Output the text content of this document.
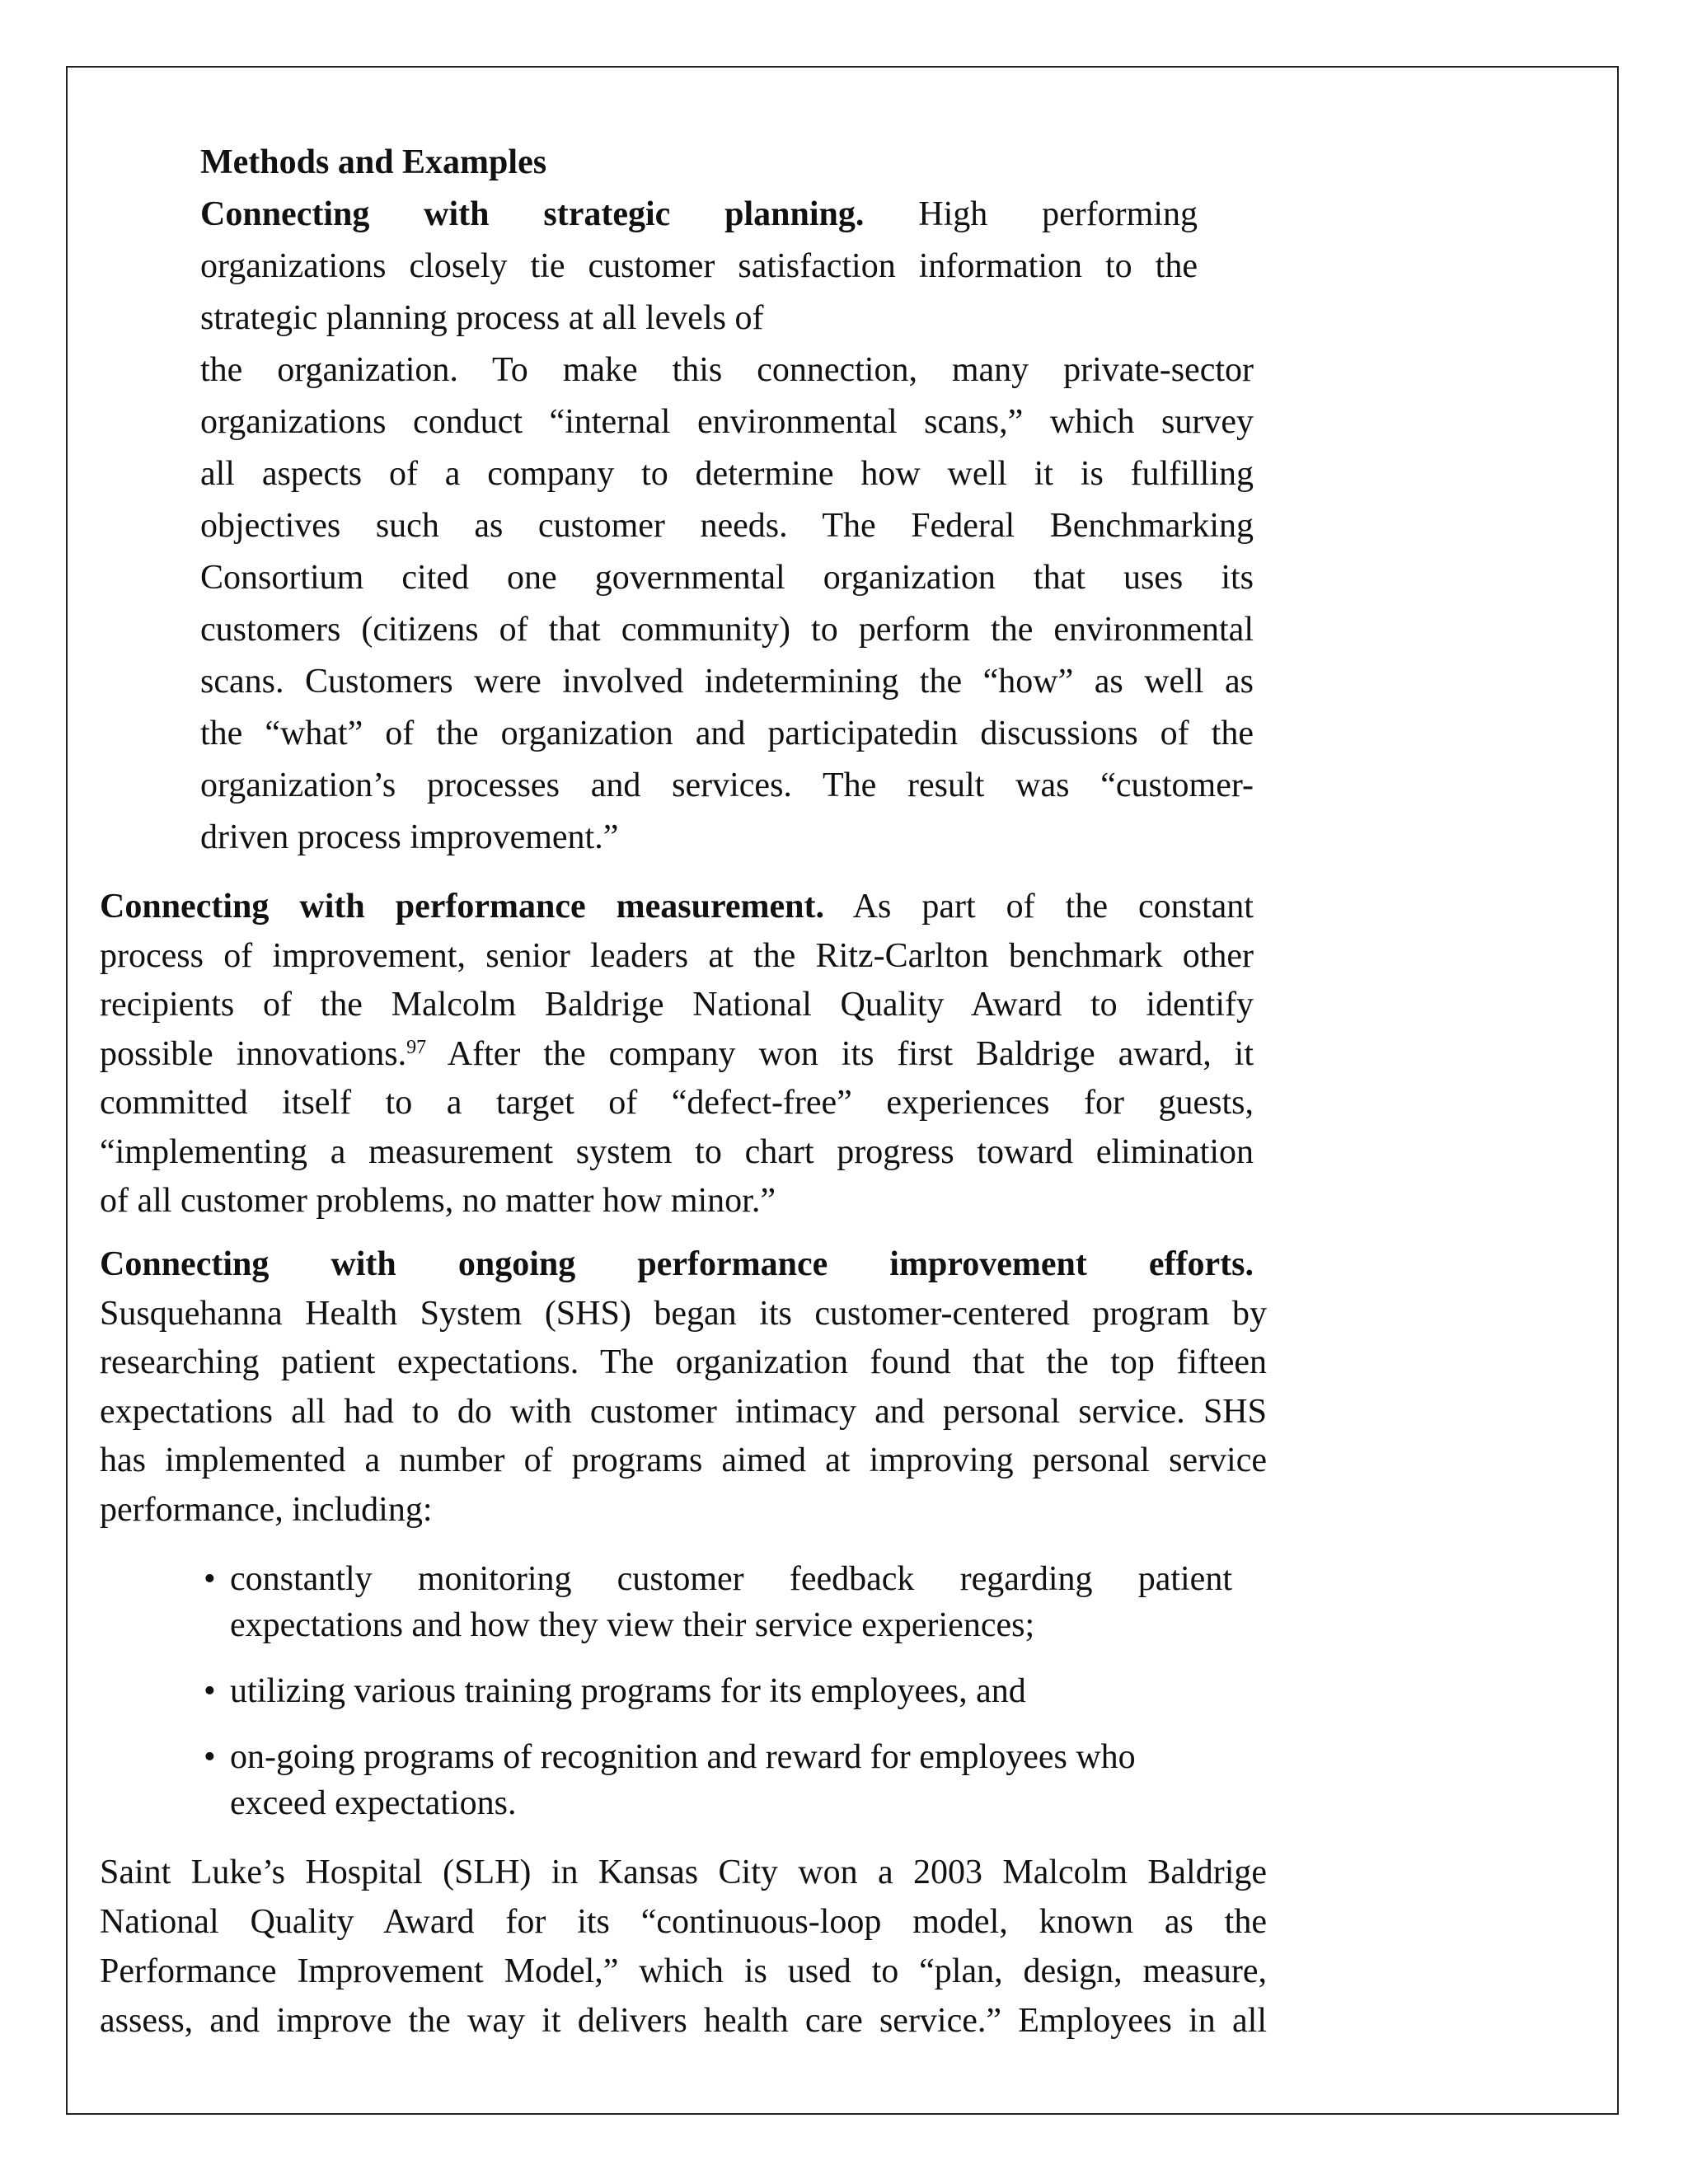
Methods and Examples
Connecting with strategic planning. High performing
organizations closely tie customer satisfaction information to the
strategic planning process at all levels of
the organization. To make this connection, many private-sector
organizations conduct “internal environmental scans,” which survey
all aspects of a company to determine how well it is fulfilling
objectives such as customer needs. The Federal Benchmarking
Consortium cited one governmental organization that uses its
customers (citizens of that community) to perform the environmental
scans. Customers were involved indetermining the “how” as well as
the “what” of the organization and participatedin discussions of the
organization’s processes and services. The result was “customer-
driven process improvement.”
Connecting with performance measurement. As part of the constant
process of improvement, senior leaders at the Ritz-Carlton benchmark other
recipients of the Malcolm Baldrige National Quality Award to identify
possible innovations.$^{97}$ After the company won its first Baldrige award, it
committed itself to a target of “defect-free” experiences for guests,
“implementing a measurement system to chart progress toward elimination
of all customer problems, no matter how minor.”
Connecting with ongoing performance improvement efforts.
Susquehanna Health System (SHS) began its customer-centered program by
researching patient expectations. The organization found that the top fifteen
expectations all had to do with customer intimacy and personal service. SHS
has implemented a number of programs aimed at improving personal service
performance, including:
• constantly monitoring customer feedback regarding patient
expectations and how they view their service experiences;
• utilizing various training programs for its employees, and
• on-going programs of recognition and reward for employees who
exceed expectations.
Saint Luke’s Hospital (SLH) in Kansas City won a 2003 Malcolm Baldrige
National Quality Award for its “continuous-loop model, known as the
Performance Improvement Model,” which is used to “plan, design, measure,
assess, and improve the way it delivers health care service.” Employees in all
